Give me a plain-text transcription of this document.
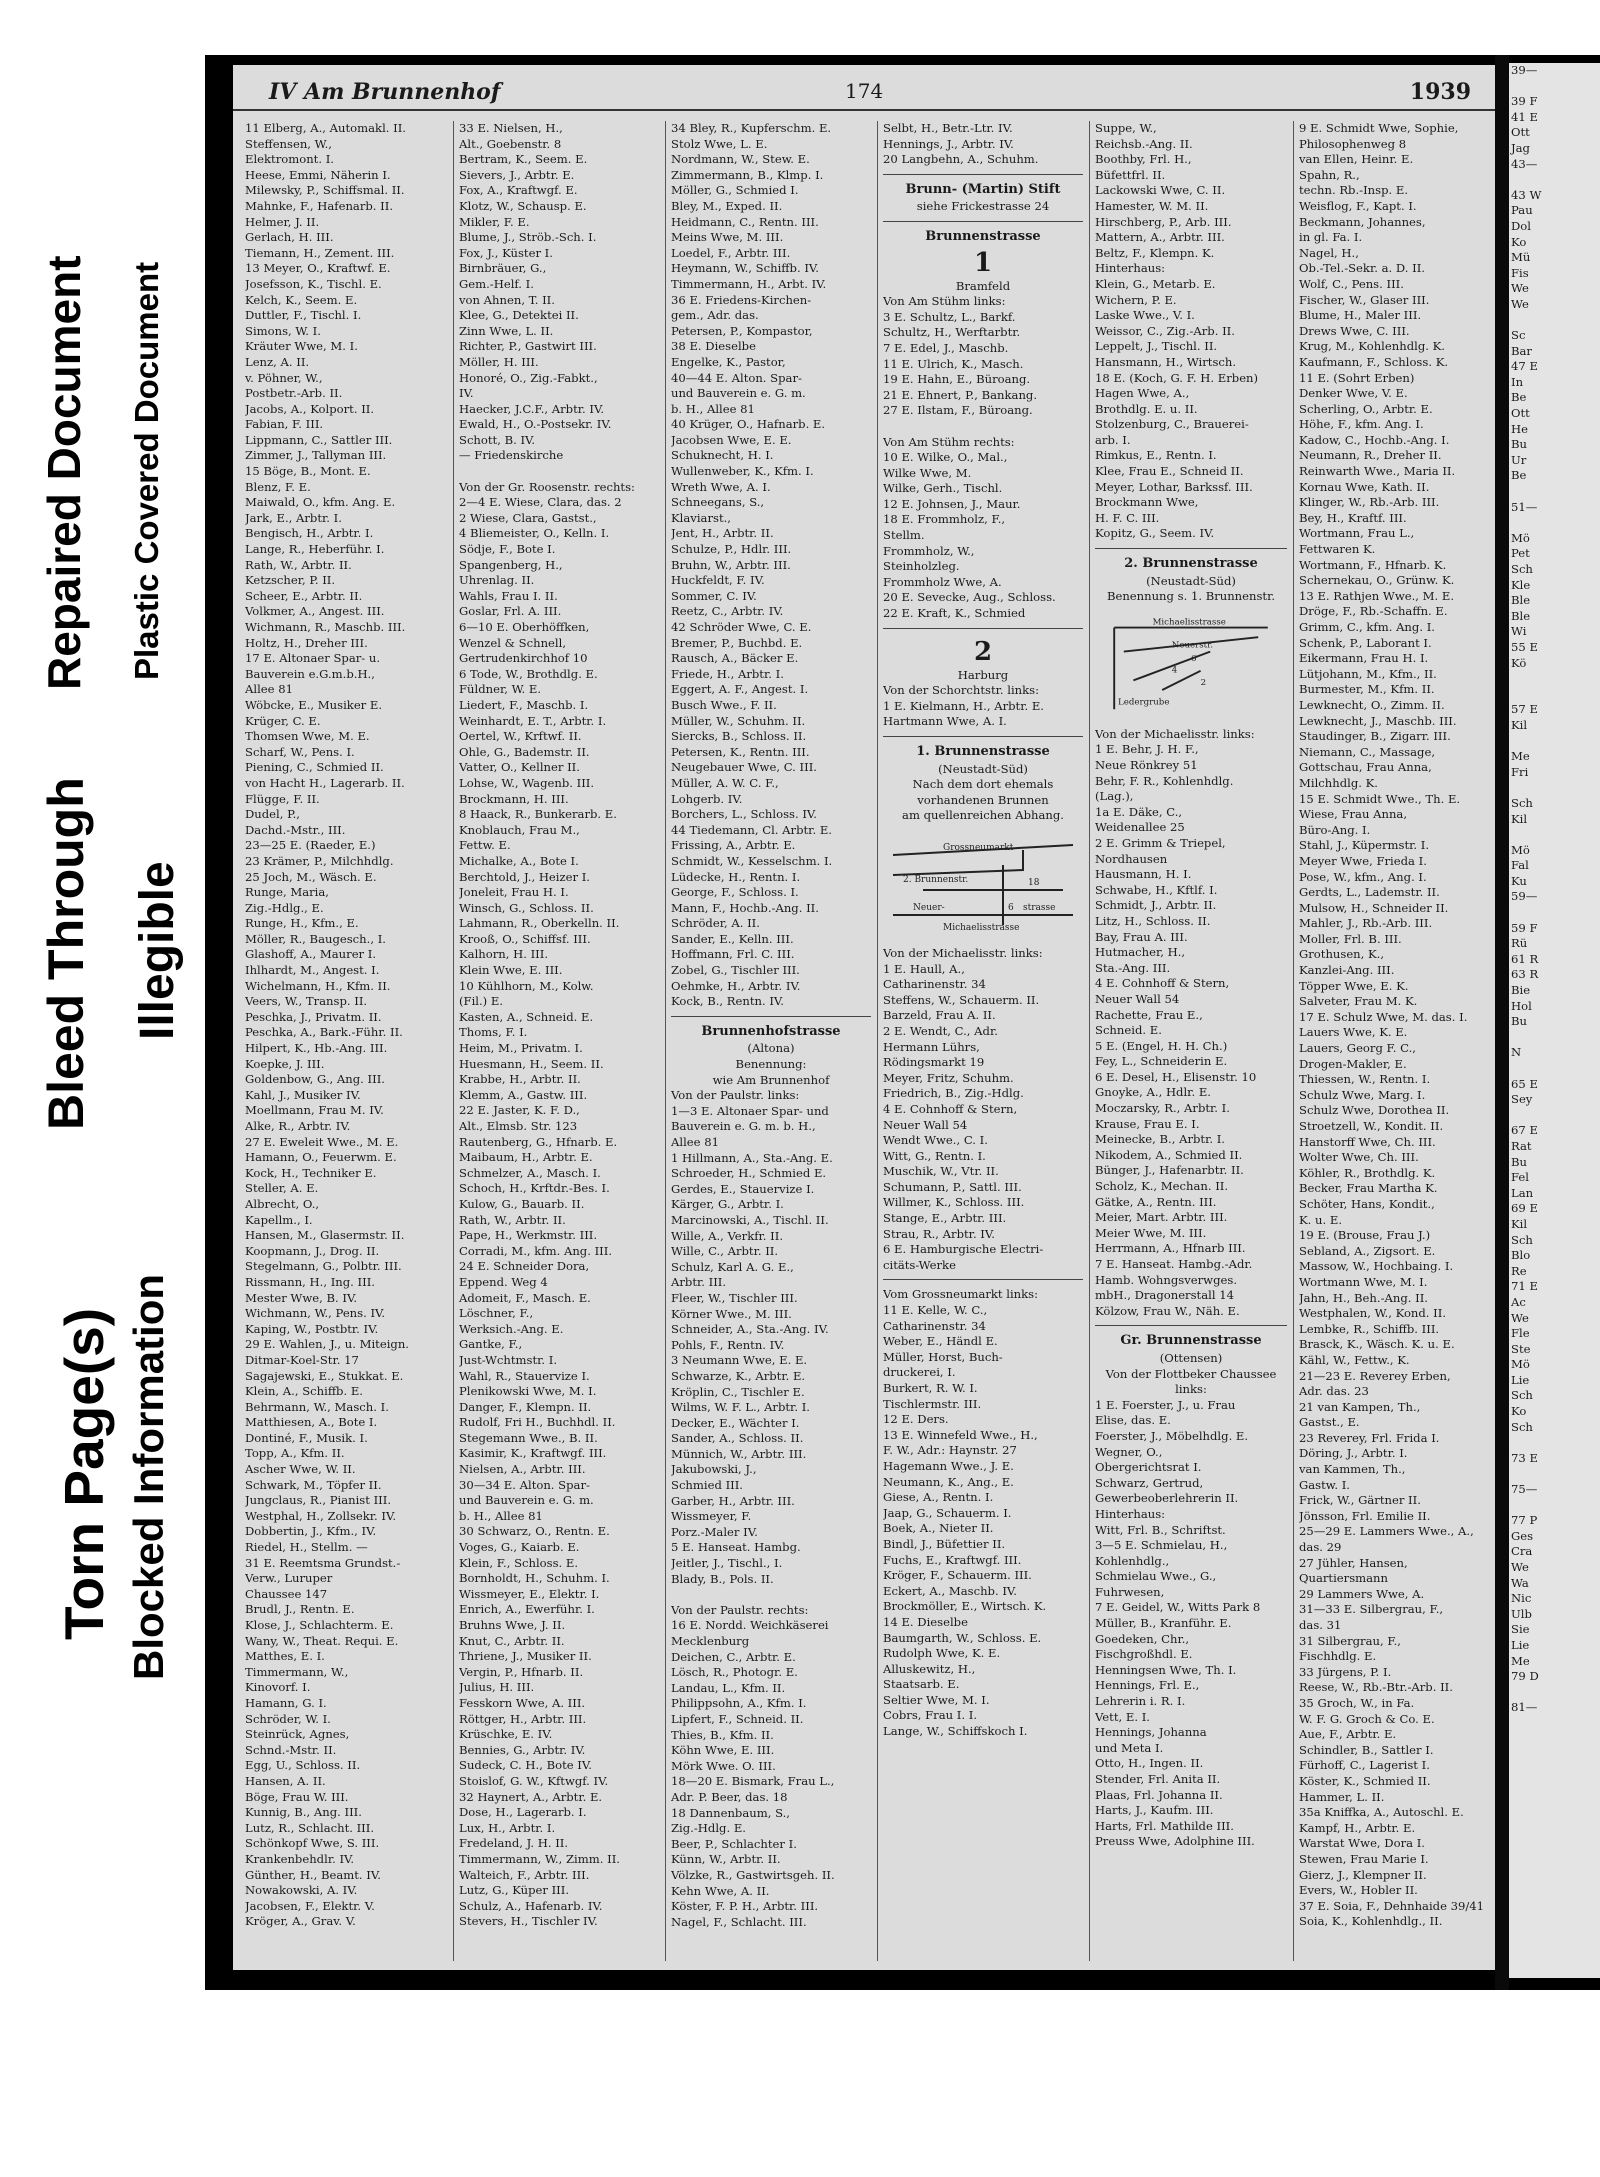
Repaired Document
Bleed Through
Plastic Covered Document
Illegible
Torn Page(s) Blocked Information
IV Am Brunnenhof	174	1939
11 Elberg, A., Automakl. II.
Steffensen, W.,
Elektromont. I.
Heese, Emmi, Näherin I.
Milewsky, P., Schiffsmal. II.
Mahnke, F., Hafenarb. II.
Helmer, J. II.
Gerlach, H. III.
Tiemann, H., Zement. III.
13 Meyer, O., Kraftwf. E.
Josefsson, K., Tischl. E.
Kelch, K., Seem. E.
Duttler, F., Tischl. I.
Simons, W. I.
Kräuter Wwe, M. I.
Lenz, A. II.
v. Pöhner, W.,
Postbetr.-Arb. II.
Jacobs, A., Kolport. II.
Fabian, F. III.
Lippmann, C., Sattler III.
Zimmer, J., Tallyman III.
15 Böge, B., Mont. E.
Blenz, F. E.
Maiwald, O., kfm. Ang. E.
Jark, E., Arbtr. I.
Bengisch, H., Arbtr. I.
Lange, R., Heberführ. I.
Rath, W., Arbtr. II.
Ketzscher, P. II.
Scheer, E., Arbtr. II.
Volkmer, A., Angest. III.
Wichmann, R., Maschb. III.
Holtz, H., Dreher III.
17 E. Altonaer Spar- u.
Bauverein e.G.m.b.H.,
Allee 81
Wöbcke, E., Musiker E.
Krüger, C. E.
Thomsen Wwe, M. E.
Scharf, W., Pens. I.
Piening, C., Schmied II.
von Hacht H., Lagerarb. II.
Flügge, F. II.
Dudel, P.,
Dachd.-Mstr., III.
23—25 E. (Raeder, E.)
23 Krämer, P., Milchhdlg.
25 Joch, M., Wäsch. E.
Runge, Maria,
Zig.-Hdlg., E.
Runge, H., Kfm., E.
Möller, R., Baugesch., I.
Glashoff, A., Maurer I.
Ihlhardt, M., Angest. I.
Wichelmann, H., Kfm. II.
Veers, W., Transp. II.
Peschka, J., Privatm. II.
Peschka, A., Bark.-Führ. II.
Hilpert, K., Hb.-Ang. III.
Koepke, J. III.
Goldenbow, G., Ang. III.
Kahl, J., Musiker IV.
Moellmann, Frau M. IV.
Alke, R., Arbtr. IV.
27 E. Eweleit Wwe., M. E.
Hamann, O., Feuerwm. E.
Kock, H., Techniker E.
Steller, A. E.
Albrecht, O.,
Kapellm., I.
Hansen, M., Glasermstr. II.
Koopmann, J., Drog. II.
Stegelmann, G., Polbtr. III.
Rissmann, H., Ing. III.
Mester Wwe, B. IV.
Wichmann, W., Pens. IV.
Kaping, W., Postbtr. IV.
29 E. Wahlen, J., u. Miteign.
Ditmar-Koel-Str. 17
Sagajewski, E., Stukkat. E.
Klein, A., Schiffb. E.
Behrmann, W., Masch. I.
Matthiesen, A., Bote I.
Dontiné, F., Musik. I.
Topp, A., Kfm. II.
Ascher Wwe, W. II.
Schwark, M., Töpfer II.
Jungclaus, R., Pianist III.
Westphal, H., Zollsekr. IV.
Dobbertin, J., Kfm., IV.
Riedel, H., Stellm. —
31 E. Reemtsma Grundst.-
Verw., Luruper
Chaussee 147
Brudl, J., Rentn. E.
Klose, J., Schlachterm. E.
Wany, W., Theat. Requi. E.
Matthes, E. I.
Timmermann, W.,
Kinovorf. I.
Hamann, G. I.
Schröder, W. I.
Steinrück, Agnes,
Schnd.-Mstr. II.
Egg, U., Schloss. II.
Hansen, A. II.
Böge, Frau W. III.
Kunnig, B., Ang. III.
Lutz, R., Schlacht. III.
Schönkopf Wwe, S. III.
Krankenbehdlr. IV.
Günther, H., Beamt. IV.
Nowakowski, A. IV.
Jacobsen, F., Elektr. V.
Kröger, A., Grav. V.
33 E. Nielsen, H.,
Alt., Goebenstr. 8
Bertram, K., Seem. E.
Sievers, J., Arbtr. E.
Fox, A., Kraftwgf. E.
Klotz, W., Schausp. E.
Mikler, F. E.
Blume, J., Ströb.-Sch. I.
Fox, J., Küster I.
Birnbräuer, G.,
Gem.-Helf. I.
von Ahnen, T. II.
Klee, G., Detektei II.
Zinn Wwe, L. II.
Richter, P., Gastwirt III.
Möller, H. III.
Honoré, O., Zig.-Fabkt.,
IV.
Haecker, J.C.F., Arbtr. IV.
Ewald, H., O.-Postsekr. IV.
Schott, B. IV.
— Friedenskirche

Von der Gr. Roosenstr. rechts:
2—4 E. Wiese, Clara, das. 2
2 Wiese, Clara, Gastst.,
4 Bliemeister, O., Kelln. I.
Södje, F., Bote I.
Spangenberg, H.,
Uhrenlag. II.
Wahls, Frau I. II.
Goslar, Frl. A. III.
6—10 E. Oberhöffken,
Wenzel & Schnell,
Gertrudenkirchhof 10
6 Tode, W., Brothdlg. E.
Füldner, W. E.
Liedert, F., Maschb. I.
Weinhardt, E. T., Arbtr. I.
Oertel, W., Krftwf. II.
Ohle, G., Bademstr. II.
Vatter, O., Kellner II.
Lohse, W., Wagenb. III.
Brockmann, H. III.
8 Haack, R., Bunkerarb. E.
Knoblauch, Frau M.,
Fettw. E.
Michalke, A., Bote I.
Berchtold, J., Heizer I.
Joneleit, Frau H. I.
Winsch, G., Schloss. II.
Lahmann, R., Oberkelln. II.
Krooß, O., Schiffsf. III.
Kalhorn, H. III.
Klein Wwe, E. III.
10 Kühlhorn, M., Kolw.
(Fil.) E.
Kasten, A., Schneid. E.
Thoms, F. I.
Heim, M., Privatm. I.
Huesmann, H., Seem. II.
Krabbe, H., Arbtr. II.
Klemm, A., Gastw. III.
22 E. Jaster, K. F. D.,
Alt., Elmsb. Str. 123
Rautenberg, G., Hfnarb. E.
Maibaum, H., Arbtr. E.
Schmelzer, A., Masch. I.
Schoch, H., Krftdr.-Bes. I.
Kulow, G., Bauarb. II.
Rath, W., Arbtr. II.
Pape, H., Werkmstr. III.
Corradi, M., kfm. Ang. III.
24 E. Schneider Dora,
Eppend. Weg 4
Adomeit, F., Masch. E.
Löschner, F.,
Werksich.-Ang. E.
Gantke, F.,
Just-Wchtmstr. I.
Wahl, R., Stauervize I.
Plenikowski Wwe, M. I.
Danger, F., Klempn. II.
Rudolf, Fri H., Buchhdl. II.
Stegemann Wwe., B. II.
Kasimir, K., Kraftwgf. III.
Nielsen, A., Arbtr. III.
30—34 E. Alton. Spar-
und Bauverein e. G. m.
b. H., Allee 81
30 Schwarz, O., Rentn. E.
Voges, G., Kaiarb. E.
Klein, F., Schloss. E.
Bornholdt, H., Schuhm. I.
Wissmeyer, E., Elektr. I.
Enrich, A., Ewerführ. I.
Bruhns Wwe, J. II.
Knut, C., Arbtr. II.
Thriene, J., Musiker II.
Vergin, P., Hfnarb. II.
Julius, H. III.
Fesskorn Wwe, A. III.
Röttger, H., Arbtr. III.
Krüschke, E. IV.
Bennies, G., Arbtr. IV.
Sudeck, C. H., Bote IV.
Stoislof, G. W., Kftwgf. IV.
32 Haynert, A., Arbtr. E.
Dose, H., Lagerarb. I.
Lux, H., Arbtr. I.
Fredeland, J. H. II.
Timmermann, W., Zimm. II.
Walteich, F., Arbtr. III.
Lutz, G., Küper III.
Schulz, A., Hafenarb. IV.
Stevers, H., Tischler IV.
34 Bley, R., Kupferschm. E.
Stolz Wwe, L. E.
Nordmann, W., Stew. E.
Zimmermann, B., Klmp. I.
Möller, G., Schmied I.
Bley, M., Exped. II.
Heidmann, C., Rentn. III.
Meins Wwe, M. III.
Loedel, F., Arbtr. III.
Heymann, W., Schiffb. IV.
Timmermann, H., Arbt. IV.
36 E. Friedens-Kirchen-
gem., Adr. das.
Petersen, P., Kompastor,
38 E. Dieselbe
Engelke, K., Pastor,
40—44 E. Alton. Spar-
und Bauverein e. G. m.
b. H., Allee 81
40 Krüger, O., Hafnarb. E.
Jacobsen Wwe, E. E.
Schuknecht, H. I.
Wullenweber, K., Kfm. I.
Wreth Wwe, A. I.
Schneegans, S.,
Klaviarst.,
Jent, H., Arbtr. II.
Schulze, P., Hdlr. III.
Bruhn, W., Arbtr. III.
Huckfeldt, F. IV.
Sommer, C. IV.
Reetz, C., Arbtr. IV.
42 Schröder Wwe, C. E.
Bremer, P., Buchbd. E.
Rausch, A., Bäcker E.
Friede, H., Arbtr. I.
Eggert, A. F., Angest. I.
Busch Wwe., F. II.
Müller, W., Schuhm. II.
Siercks, B., Schloss. II.
Petersen, K., Rentn. III.
Neugebauer Wwe, C. III.
Müller, A. W. C. F.,
Lohgerb. IV.
Borchers, L., Schloss. IV.
44 Tiedemann, Cl. Arbtr. E.
Frissing, A., Arbtr. E.
Schmidt, W., Kesselschm. I.
Lüdecke, H., Rentn. I.
George, F., Schloss. I.
Mann, F., Hochb.-Ang. II.
Schröder, A. II.
Sander, E., Kelln. III.
Hoffmann, Frl. C. III.
Zobel, G., Tischler III.
Oehmke, H., Arbtr. IV.
Kock, B., Rentn. IV.
Brunnenhofstrasse
(Altona)
Benennung:
wie Am Brunnenhof
Von der Paulstr. links:
1—3 E. Altonaer Spar- und
Bauverein e. G. m. b. H.,
Allee 81
1 Hillmann, A., Sta.-Ang. E.
Schroeder, H., Schmied E.
Gerdes, E., Stauervize I.
Kärger, G., Arbtr. I.
Marcinowski, A., Tischl. II.
Wille, A., Verkfr. II.
Wille, C., Arbtr. II.
Schulz, Karl A. G. E.,
Arbtr. III.
Fleer, W., Tischler III.
Körner Wwe., M. III.
Schneider, A., Sta.-Ang. IV.
Pohls, F., Rentn. IV.
3 Neumann Wwe, E. E.
Schwarze, K., Arbtr. E.
Kröplin, C., Tischler E.
Wilms, W. F. L., Arbtr. I.
Decker, E., Wächter I.
Sander, A., Schloss. II.
Münnich, W., Arbtr. III.
Jakubowski, J.,
Schmied III.
Garber, H., Arbtr. III.
Wissmeyer, F.
Porz.-Maler IV.
5 E. Hanseat. Hambg.
Jeitler, J., Tischl., I.
Blady, B., Pols. II.

Von der Paulstr. rechts:
16 E. Nordd. Weichkäserei
Mecklenburg
Deichen, C., Arbtr. E.
Lösch, R., Photogr. E.
Landau, L., Kfm. II.
Philippsohn, A., Kfm. I.
Lipfert, F., Schneid. II.
Thies, B., Kfm. II.
Köhn Wwe, E. III.
Mörk Wwe. O. III.
18—20 E. Bismark, Frau L.,
Adr. P. Beer, das. 18
18 Dannenbaum, S.,
Zig.-Hdlg. E.
Beer, P., Schlachter I.
Künn, W., Arbtr. II.
Völzke, R., Gastwirtsgeh. II.
Kehn Wwe, A. II.
Köster, F. P. H., Arbtr. III.
Nagel, F., Schlacht. III.
Selbt, H., Betr.-Ltr. IV.
Hennings, J., Arbtr. IV.
20 Langbehn, A., Schuhm.
Brunn- (Martin) Stift
siehe Frickestrasse 24
Brunnenstrasse
1
Bramfeld
Von Am Stühm links:
3 E. Schultz, L., Barkf.
Schultz, H., Werftarbtr.
7 E. Edel, J., Maschb.
11 E. Ulrich, K., Masch.
19 E. Hahn, E., Büroang.
21 E. Ehnert, P., Bankang.
27 E. Ilstam, F., Büroang.

Von Am Stühm rechts:
10 E. Wilke, O., Mal.,
Wilke Wwe, M.
Wilke, Gerh., Tischl.
12 E. Johnsen, J., Maur.
18 E. Frommholz, F.,
Stellm.
Frommholz, W.,
Steinholzleg.
Frommholz Wwe, A.
20 E. Sevecke, Aug., Schloss.
22 E. Kraft, K., Schmied
2
Harburg
Von der Schorchtstr. links:
1 E. Kielmann, H., Arbtr. E.
Hartmann Wwe, A. I.
1. Brunnenstrasse
(Neustadt-Süd)
Nach dem dort ehemals
vorhandenen Brunnen
am quellenreichen Abhang.
Grossneumarkt
2. Brunnenstr.
Neuer-	strasse
Michaelisstrasse
18
6
Von der Michaelisstr. links:
1 E. Haull, A.,
Catharinenstr. 34
Steffens, W., Schauerm. II.
Barzeld, Frau A. II.
2 E. Wendt, C., Adr.
Hermann Lührs,
Rödingsmarkt 19
Meyer, Fritz, Schuhm.
Friedrich, B., Zig.-Hdlg.
4 E. Cohnhoff & Stern,
Neuer Wall 54
Wendt Wwe., C. I.
Witt, G., Rentn. I.
Muschik, W., Vtr. II.
Schumann, P., Sattl. III.
Willmer, K., Schloss. III.
Stange, E., Arbtr. III.
Strau, R., Arbtr. IV.
6 E. Hamburgische Electri-
citäts-Werke
Vom Grossneumarkt links:
11 E. Kelle, W. C.,
Catharinenstr. 34
Weber, E., Händl E.
Müller, Horst, Buch-
druckerei, I.
Burkert, R. W. I.
Tischlermstr. III.
12 E. Ders.
13 E. Winnefeld Wwe., H.,
F. W., Adr.: Haynstr. 27
Hagemann Wwe., J. E.
Neumann, K., Ang., E.
Giese, A., Rentn. I.
Jaap, G., Schauerm. I.
Boek, A., Nieter II.
Bindl, J., Büfettier II.
Fuchs, E., Kraftwgf. III.
Kröger, F., Schauerm. III.
Eckert, A., Maschb. IV.
Brockmöller, E., Wirtsch. K.
14 E. Dieselbe
Baumgarth, W., Schloss. E.
Rudolph Wwe, K. E.
Alluskewitz, H.,
Staatsarb. E.
Seltier Wwe, M. I.
Cobrs, Frau I. I.
Lange, W., Schiffskoch I.
Suppe, W.,
Reichsb.-Ang. II.
Boothby, Frl. H.,
Büfettfrl. II.
Lackowski Wwe, C. II.
Hamester, W. M. II.
Hirschberg, P., Arb. III.
Mattern, A., Arbtr. III.
Beltz, F., Klempn. K.
Hinterhaus:
Klein, G., Metarb. E.
Wichern, P. E.
Laske Wwe., V. I.
Weissor, C., Zig.-Arb. II.
Leppelt, J., Tischl. II.
Hansmann, H., Wirtsch.
18 E. (Koch, G. F. H. Erben)
Hagen Wwe, A.,
Brothdlg. E. u. II.
Stolzenburg, C., Brauerei-
arb. I.
Rimkus, E., Rentn. I.
Klee, Frau E., Schneid II.
Meyer, Lothar, Barkssf. III.
Brockmann Wwe,
H. F. C. III.
Kopitz, G., Seem. IV.
2. Brunnenstrasse
(Neustadt-Süd)
Benennung s. 1. Brunnenstr.
Michaelisstrasse
Neuerstr.
Ledergrube
6
4
2
Von der Michaelisstr. links:
1 E. Behr, J. H. F.,
Neue Rönkrey 51
Behr, F. R., Kohlenhdlg.
(Lag.),
1a E. Däke, C.,
Weidenallee 25
2 E. Grimm & Triepel,
Nordhausen
Hausmann, H. I.
Schwabe, H., Kftlf. I.
Schmidt, J., Arbtr. II.
Litz, H., Schloss. II.
Bay, Frau A. III.
Hutmacher, H.,
Sta.-Ang. III.
4 E. Cohnhoff & Stern,
Neuer Wall 54
Rachette, Frau E.,
Schneid. E.
5 E. (Engel, H. H. Ch.)
Fey, L., Schneiderin E.
6 E. Desel, H., Elisenstr. 10
Gnoyke, A., Hdlr. E.
Moczarsky, R., Arbtr. I.
Krause, Frau E. I.
Meinecke, B., Arbtr. I.
Nikodem, A., Schmied II.
Bünger, J., Hafenarbtr. II.
Scholz, K., Mechan. II.
Gätke, A., Rentn. III.
Meier, Mart. Arbtr. III.
Meier Wwe, M. III.
Herrmann, A., Hfnarb III.
7 E. Hanseat. Hambg.-Adr.
Hamb. Wohngsverwges.
mbH., Dragonerstall 14
Kölzow, Frau W., Näh. E.
Gr. Brunnenstrasse
(Ottensen)
Von der Flottbeker Chaussee
links:
1 E. Foerster, J., u. Frau
Elise, das. E.
Foerster, J., Möbelhdlg. E.
Wegner, O.,
Obergerichtsrat I.
Schwarz, Gertrud,
Gewerbeoberlehrerin II.
Hinterhaus:
Witt, Frl. B., Schriftst.
3—5 E. Schmielau, H.,
Kohlenhdlg.,
Schmielau Wwe., G.,
Fuhrwesen,
7 E. Geidel, W., Witts Park 8
Müller, B., Kranführ. E.
Goedeken, Chr.,
Fischgroßhdl. E.
Henningsen Wwe, Th. I.
Hennings, Frl. E.,
Lehrerin i. R. I.
Vett, E. I.
Hennings, Johanna
und Meta I.
Otto, H., Ingen. II.
Stender, Frl. Anita II.
Plaas, Frl. Johanna II.
Harts, J., Kaufm. III.
Harts, Frl. Mathilde III.
Preuss Wwe, Adolphine III.
9 E. Schmidt Wwe, Sophie,
Philosophenweg 8
van Ellen, Heinr. E.
Spahn, R.,
techn. Rb.-Insp. E.
Weisflog, F., Kapt. I.
Beckmann, Johannes,
in gl. Fa. I.
Nagel, H.,
Ob.-Tel.-Sekr. a. D. II.
Wolf, C., Pens. III.
Fischer, W., Glaser III.
Blume, H., Maler III.
Drews Wwe, C. III.
Krug, M., Kohlenhdlg. K.
Kaufmann, F., Schloss. K.
11 E. (Sohrt Erben)
Denker Wwe, V. E.
Scherling, O., Arbtr. E.
Höhe, F., kfm. Ang. I.
Kadow, C., Hochb.-Ang. I.
Neumann, R., Dreher II.
Reinwarth Wwe., Maria II.
Kornau Wwe, Kath. II.
Klinger, W., Rb.-Arb. III.
Bey, H., Kraftf. III.
Wortmann, Frau L.,
Fettwaren K.
Wortmann, F., Hfnarb. K.
Schernekau, O., Grünw. K.
13 E. Rathjen Wwe., M. E.
Dröge, F., Rb.-Schaffn. E.
Grimm, C., kfm. Ang. I.
Schenk, P., Laborant I.
Eikermann, Frau H. I.
Lütjohann, M., Kfm., II.
Burmester, M., Kfm. II.
Lewknecht, O., Zimm. II.
Lewknecht, J., Maschb. III.
Staudinger, B., Zigarr. III.
Niemann, C., Massage,
Gottschau, Frau Anna,
Milchhdlg. K.
15 E. Schmidt Wwe., Th. E.
Wiese, Frau Anna,
Büro-Ang. I.
Stahl, J., Küpermstr. I.
Meyer Wwe, Frieda I.
Pose, W., kfm., Ang. I.
Gerdts, L., Lademstr. II.
Mulsow, H., Schneider II.
Mahler, J., Rb.-Arb. III.
Moller, Frl. B. III.
Grothusen, K.,
Kanzlei-Ang. III.
Töpper Wwe, E. K.
Salveter, Frau M. K.
17 E. Schulz Wwe, M. das. I.
Lauers Wwe, K. E.
Lauers, Georg F. C.,
Drogen-Makler, E.
Thiessen, W., Rentn. I.
Schulz Wwe, Marg. I.
Schulz Wwe, Dorothea II.
Stroetzell, W., Kondit. II.
Hanstorff Wwe, Ch. III.
Wolter Wwe, Ch. III.
Köhler, R., Brothdlg. K.
Becker, Frau Martha K.
Schöter, Hans, Kondit.,
K. u. E.
19 E. (Brouse, Frau J.)
Sebland, A., Zigsort. E.
Massow, W., Hochbaing. I.
Wortmann Wwe, M. I.
Jahn, H., Beh.-Ang. II.
Westphalen, W., Kond. II.
Lembke, R., Schiffb. III.
Brasck, K., Wäsch. K. u. E.
Kähl, W., Fettw., K.
21—23 E. Reverey Erben,
Adr. das. 23
21 van Kampen, Th.,
Gastst., E.
23 Reverey, Frl. Frida I.
Döring, J., Arbtr. I.
van Kammen, Th.,
Gastw. I.
Frick, W., Gärtner II.
Jönsson, Frl. Emilie II.
25—29 E. Lammers Wwe., A.,
das. 29
27 Jühler, Hansen,
Quartiersmann
29 Lammers Wwe, A.
31—33 E. Silbergrau, F.,
das. 31
31 Silbergrau, F.,
Fischhdlg. E.
33 Jürgens, P. I.
Reese, W., Rb.-Btr.-Arb. II.
35 Groch, W., in Fa.
W. F. G. Groch & Co. E.
Aue, F., Arbtr. E.
Schindler, B., Sattler I.
Fürhoff, C., Lagerist I.
Köster, K., Schmied II.
Hammer, L. II.
35a Kniffka, A., Autoschl. E.
Kampf, H., Arbtr. E.
Warstat Wwe, Dora I.
Stewen, Frau Marie I.
Gierz, J., Klempner II.
Evers, W., Hobler II.
37 E. Soia, F., Dehnhaide 39/41
Soia, K., Kohlenhdlg., II.
39—

39 F
41 E
Ott
Jag
43—

43 W
Pau
Dol
Ko
Mü
Fis
We
We

Sc
Bar
47 E
In
Be
Ott
He
Bu
Ur
Be

51—

Mö
Pet
Sch
Kle
Ble
Ble
Wi
55 E
Kö

57 E
Kil

Me
Fri

Sch
Kil

Mö
Fal
Ku
59—

59 F
Rü
61 R
63 R
Bie
Hol
Bu

N

65 E
Sey

67 E
Rat
Bu
Fel
Lan
69 E
Kil
Sch
Blo
Re
71 E
Ac
We
Fle
Ste
Mö
Lie
Sch
Ko
Sch

73 E

75—

77 P
Ges
Cra
We
Wa
Nic
Ulb
Sie
Lie
Me
79 D

81—
